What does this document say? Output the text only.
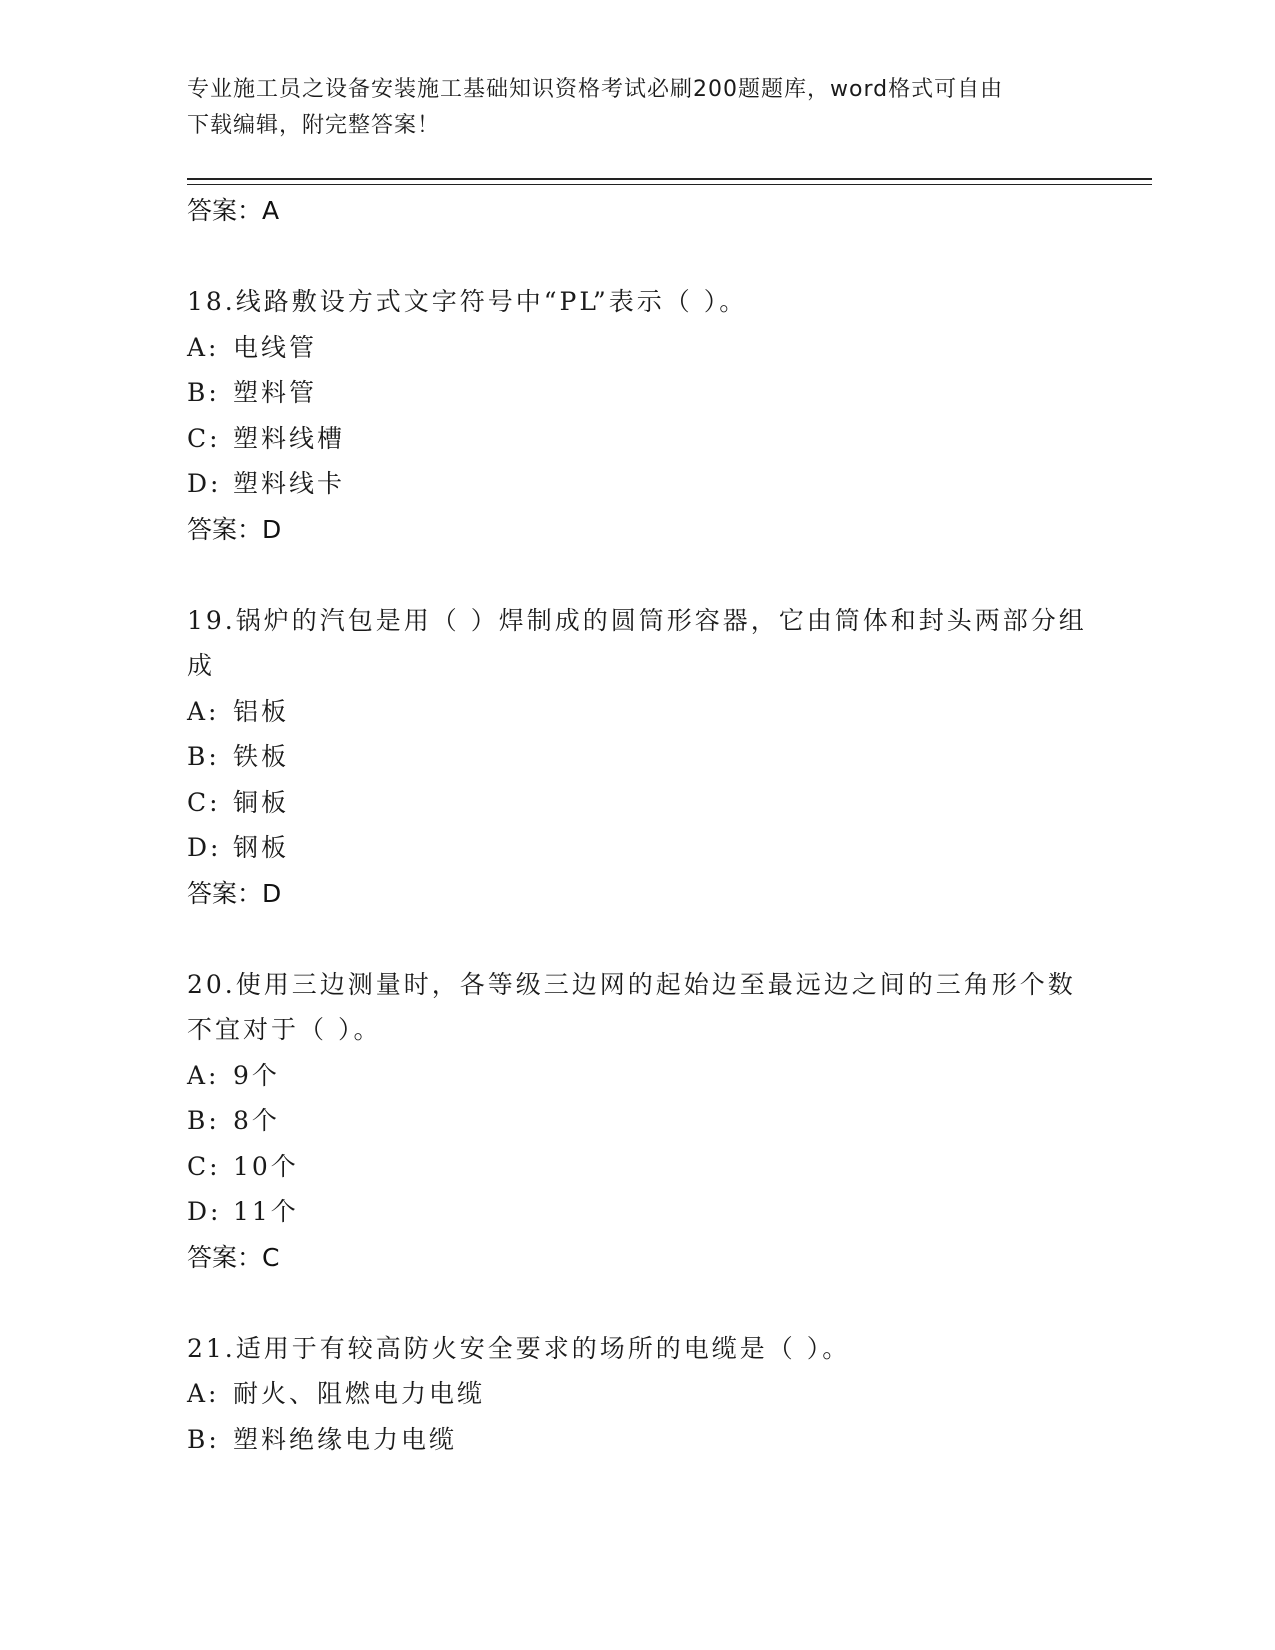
专业施工员之设备安装施工基础知识资格考试必刷200题题库，word格式可自由
下载编辑，附完整答案！
答案：A
18.线路敷设方式文字符号中“PL”表示（ ）。
A: 电线管
B: 塑料管
C: 塑料线槽
D: 塑料线卡
答案：D
19.锅炉的汽包是用（ ）焊制成的圆筒形容器，它由筒体和封头两部分组成
A: 铝板
B: 铁板
C: 铜板
D: 钢板
答案：D
20.使用三边测量时，各等级三边网的起始边至最远边之间的三角形个数不宜对于（ ）。
A: 9个
B: 8个
C: 10个
D: 11个
答案：C
21.适用于有较高防火安全要求的场所的电缆是（ ）。
A: 耐火、阻燃电力电缆
B: 塑料绝缘电力电缆
